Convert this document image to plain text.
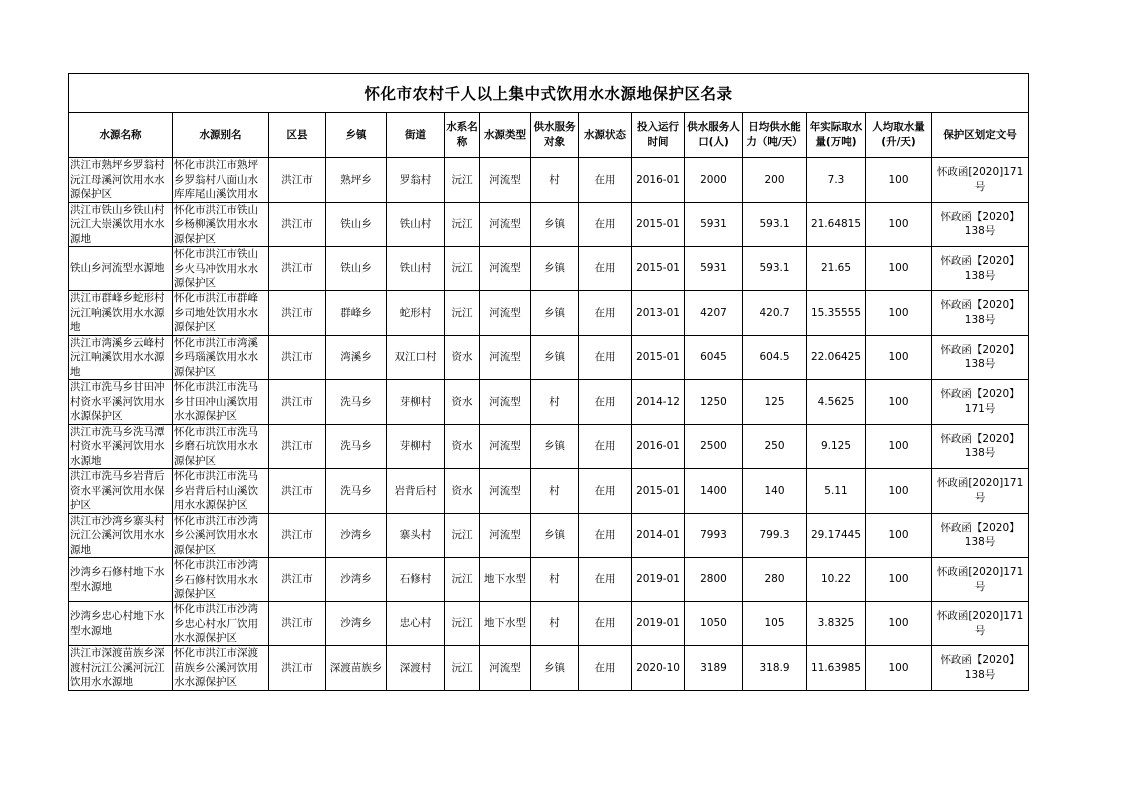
怀化市农村千人以上集中式饮用水水源地保护区名录														
水源名称	水源别名	区县	乡镇	街道	水系名称	水源类型	供水服务对象	水源状态	投入运行时间	供水服务人口(人)	日均供水能力（吨/天）	年实际取水量(万吨)	人均取水量(升/天)	保护区划定文号
洪江市熟坪乡罗翁村沅江母溪河饮用水水源保护区	怀化市洪江市熟坪乡罗翁村八面山水库库尾山溪饮用水	洪江市	熟坪乡	罗翁村	沅江	河流型	村	在用	2016-01	2000	200	7.3	100	怀政函[2020]171号
洪江市铁山乡铁山村沅江大崇溪饮用水水源地	怀化市洪江市铁山乡杨柳溪饮用水水源保护区	洪江市	铁山乡	铁山村	沅江	河流型	乡镇	在用	2015-01	5931	593.1	21.64815	100	怀政函【2020】138号
铁山乡河流型水源地	怀化市洪江市铁山乡火马冲饮用水水源保护区	洪江市	铁山乡	铁山村	沅江	河流型	乡镇	在用	2015-01	5931	593.1	21.65	100	怀政函【2020】138号
洪江市群峰乡蛇形村沅江响溪饮用水水源地	怀化市洪江市群峰乡司地处饮用水水源保护区	洪江市	群峰乡	蛇形村	沅江	河流型	乡镇	在用	2013-01	4207	420.7	15.35555	100	怀政函【2020】138号
洪江市湾溪乡云峰村沅江响溪饮用水水源地	怀化市洪江市湾溪乡玛瑙溪饮用水水源保护区	洪江市	湾溪乡	双江口村	资水	河流型	乡镇	在用	2015-01	6045	604.5	22.06425	100	怀政函【2020】138号
洪江市洗马乡甘田冲村资水平溪河饮用水水源保护区	怀化市洪江市洗马乡甘田冲山溪饮用水水源保护区	洪江市	洗马乡	芽柳村	资水	河流型	村	在用	2014-12	1250	125	4.5625	100	怀政函【2020】171号
洪江市洗马乡洗马潭村资水平溪河饮用水水源地	怀化市洪江市洗马乡磨石坑饮用水水源保护区	洪江市	洗马乡	芽柳村	资水	河流型	乡镇	在用	2016-01	2500	250	9.125	100	怀政函【2020】138号
洪江市洗马乡岩背后资水平溪河饮用水保护区	怀化市洪江市洗马乡岩背后村山溪饮用水水源保护区	洪江市	洗马乡	岩背后村	资水	河流型	村	在用	2015-01	1400	140	5.11	100	怀政函[2020]171号
洪江市沙湾乡寨头村沅江公溪河饮用水水源地	怀化市洪江市沙湾乡公溪河饮用水水源保护区	洪江市	沙湾乡	寨头村	沅江	河流型	乡镇	在用	2014-01	7993	799.3	29.17445	100	怀政函【2020】138号
沙湾乡石修村地下水型水源地	怀化市洪江市沙湾乡石修村饮用水水源保护区	洪江市	沙湾乡	石修村	沅江	地下水型	村	在用	2019-01	2800	280	10.22	100	怀政函[2020]171号
沙湾乡忠心村地下水型水源地	怀化市洪江市沙湾乡忠心村水厂饮用水水源保护区	洪江市	沙湾乡	忠心村	沅江	地下水型	村	在用	2019-01	1050	105	3.8325	100	怀政函[2020]171号
洪江市深渡苗族乡深渡村沅江公溪河沅江饮用水水源地	怀化市洪江市深渡苗族乡公溪河饮用水水源保护区	洪江市	深渡苗族乡	深渡村	沅江	河流型	乡镇	在用	2020-10	3189	318.9	11.63985	100	怀政函【2020】138号
